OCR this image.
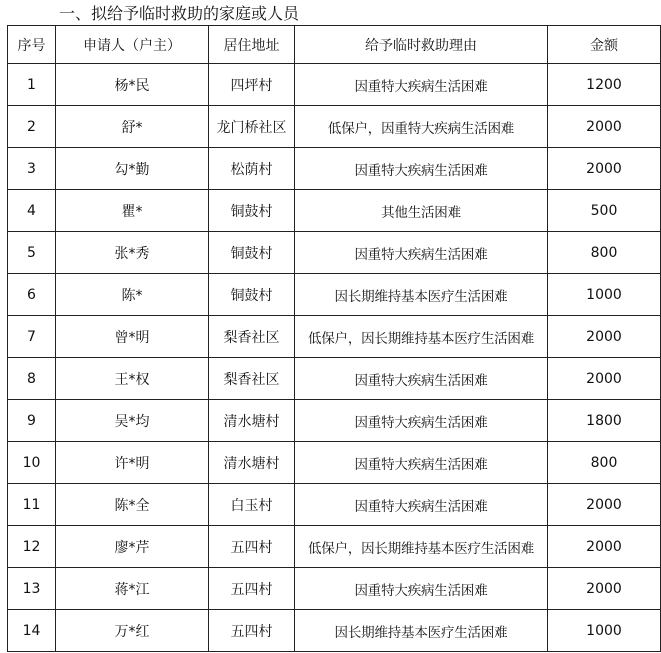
一、拟给予临时救助的家庭或人员
序号	申请人（户主）	居住地址	给予临时救助理由	金额
1	杨*民	四坪村	因重特大疾病生活困难	1200
2	舒*	龙门桥社区	低保户，因重特大疾病生活困难	2000
3	勾*勤	松荫村	因重特大疾病生活困难	2000
4	瞿*	铜鼓村	其他生活困难	500
5	张*秀	铜鼓村	因重特大疾病生活困难	800
6	陈*	铜鼓村	因长期维持基本医疗生活困难	1000
7	曾*明	梨香社区	低保户，因长期维持基本医疗生活困难	2000
8	王*权	梨香社区	因重特大疾病生活困难	2000
9	吴*均	清水塘村	因重特大疾病生活困难	1800
10	许*明	清水塘村	因重特大疾病生活困难	800
11	陈*全	白玉村	因重特大疾病生活困难	2000
12	廖*芹	五四村	低保户，因长期维持基本医疗生活困难	2000
13	蒋*江	五四村	因重特大疾病生活困难	2000
14	万*红	五四村	因长期维持基本医疗生活困难	1000
